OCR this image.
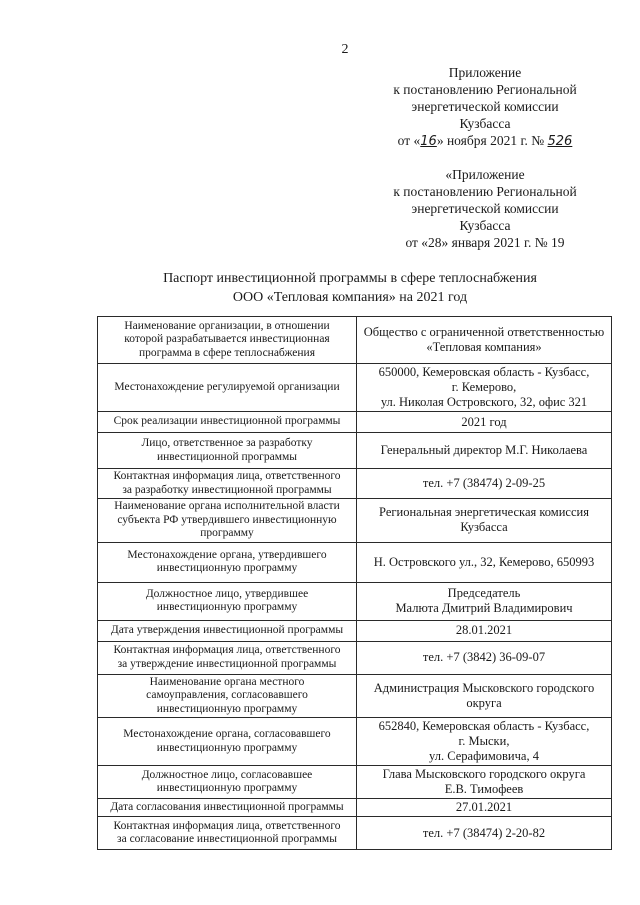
2
Приложение
к постановлению Региональной
энергетической комиссии
Кузбасса
от «16» ноября 2021 г. № 526
«Приложение
к постановлению Региональной
энергетической комиссии
Кузбасса
от «28» января 2021 г. № 19
Паспорт инвестиционной программы в сфере теплоснабжения
ООО «Тепловая компания» на 2021 год
Наименование организации, в отношении
которой разрабатывается инвестиционная
программа в сфере теплоснабжения	Общество с ограниченной ответственностью
«Тепловая компания»

Местонахождение регулируемой организации	650000, Кемеровская область - Кузбасс,
г. Кемерово,
ул. Николая Островского, 32, офис 321

Срок реализации инвестиционной программы	2021 год

Лицо, ответственное за разработку
инвестиционной программы	Генеральный директор М.Г. Николаева

Контактная информация лица, ответственного
за разработку инвестиционной программы	тел. +7 (38474) 2-09-25

Наименование органа исполнительной власти
субъекта РФ утвердившего инвестиционную
программу	Региональная энергетическая комиссия
Кузбасса

Местонахождение органа, утвердившего
инвестиционную программу	Н. Островского ул., 32, Кемерово, 650993

Должностное лицо, утвердившее
инвестиционную программу	Председатель
Малюта Дмитрий Владимирович

Дата утверждения инвестиционной программы	28.01.2021

Контактная информация лица, ответственного
за утверждение инвестиционной программы	тел. +7 (3842) 36-09-07

Наименование органа местного
самоуправления, согласовавшего
инвестиционную программу	Администрация Мысковского городского
округа

Местонахождение органа, согласовавшего
инвестиционную программу	652840, Кемеровская область - Кузбасс,
г. Мыски,
ул. Серафимовича, 4

Должностное лицо, согласовавшее
инвестиционную программу	Глава Мысковского городского округа
Е.В. Тимофеев

Дата согласования инвестиционной программы	27.01.2021

Контактная информация лица, ответственного
за согласование инвестиционной программы	тел. +7 (38474) 2-20-82
